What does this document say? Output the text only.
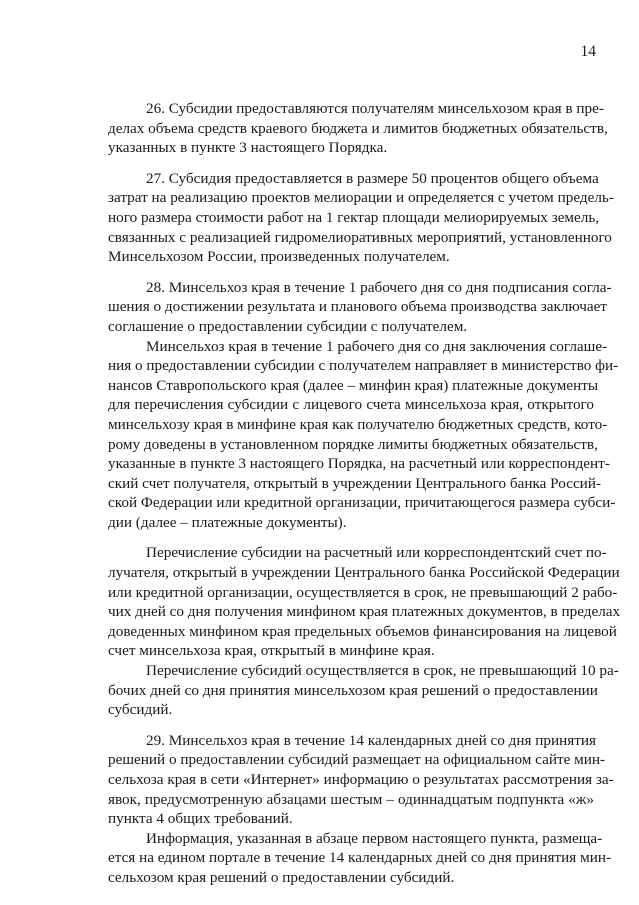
14
26. Субсидии предоставляются получателям минсельхозом края в пре-
делах объема средств краевого бюджета и лимитов бюджетных обязательств,
указанных в пункте 3 настоящего Порядка.
27. Субсидия предоставляется в размере 50 процентов общего объема
затрат на реализацию проектов мелиорации и определяется с учетом предель-
ного размера стоимости работ на 1 гектар площади мелиорируемых земель,
связанных с реализацией гидромелиоративных мероприятий, установленного
Минсельхозом России, произведенных получателем.
28. Минсельхоз края в течение 1 рабочего дня со дня подписания согла-
шения о достижении результата и планового объема производства заключает
соглашение о предоставлении субсидии с получателем.
Минсельхоз края в течение 1 рабочего дня со дня заключения соглаше-
ния о предоставлении субсидии с получателем направляет в министерство фи-
нансов Ставропольского края (далее – минфин края) платежные документы
для перечисления субсидии с лицевого счета минсельхоза края, открытого
минсельхозу края в минфине края как получателю бюджетных средств, кото-
рому доведены в установленном порядке лимиты бюджетных обязательств,
указанные в пункте 3 настоящего Порядка, на расчетный или корреспондент-
ский счет получателя, открытый в учреждении Центрального банка Россий-
ской Федерации или кредитной организации, причитающегося размера субси-
дии (далее – платежные документы).
Перечисление субсидии на расчетный или корреспондентский счет по-
лучателя, открытый в учреждении Центрального банка Российской Федерации
или кредитной организации, осуществляется в срок, не превышающий 2 рабо-
чих дней со дня получения минфином края платежных документов, в пределах
доведенных минфином края предельных объемов финансирования на лицевой
счет минсельхоза края, открытый в минфине края.
Перечисление субсидий осуществляется в срок, не превышающий 10 ра-
бочих дней со дня принятия минсельхозом края решений о предоставлении
субсидий.
29. Минсельхоз края в течение 14 календарных дней со дня принятия
решений о предоставлении субсидий размещает на официальном сайте мин-
сельхоза края в сети «Интернет» информацию о результатах рассмотрения за-
явок, предусмотренную абзацами шестым – одиннадцатым подпункта «ж»
пункта 4 общих требований.
Информация, указанная в абзаце первом настоящего пункта, размеща-
ется на едином портале в течение 14 календарных дней со дня принятия мин-
сельхозом края решений о предоставлении субсидий.
